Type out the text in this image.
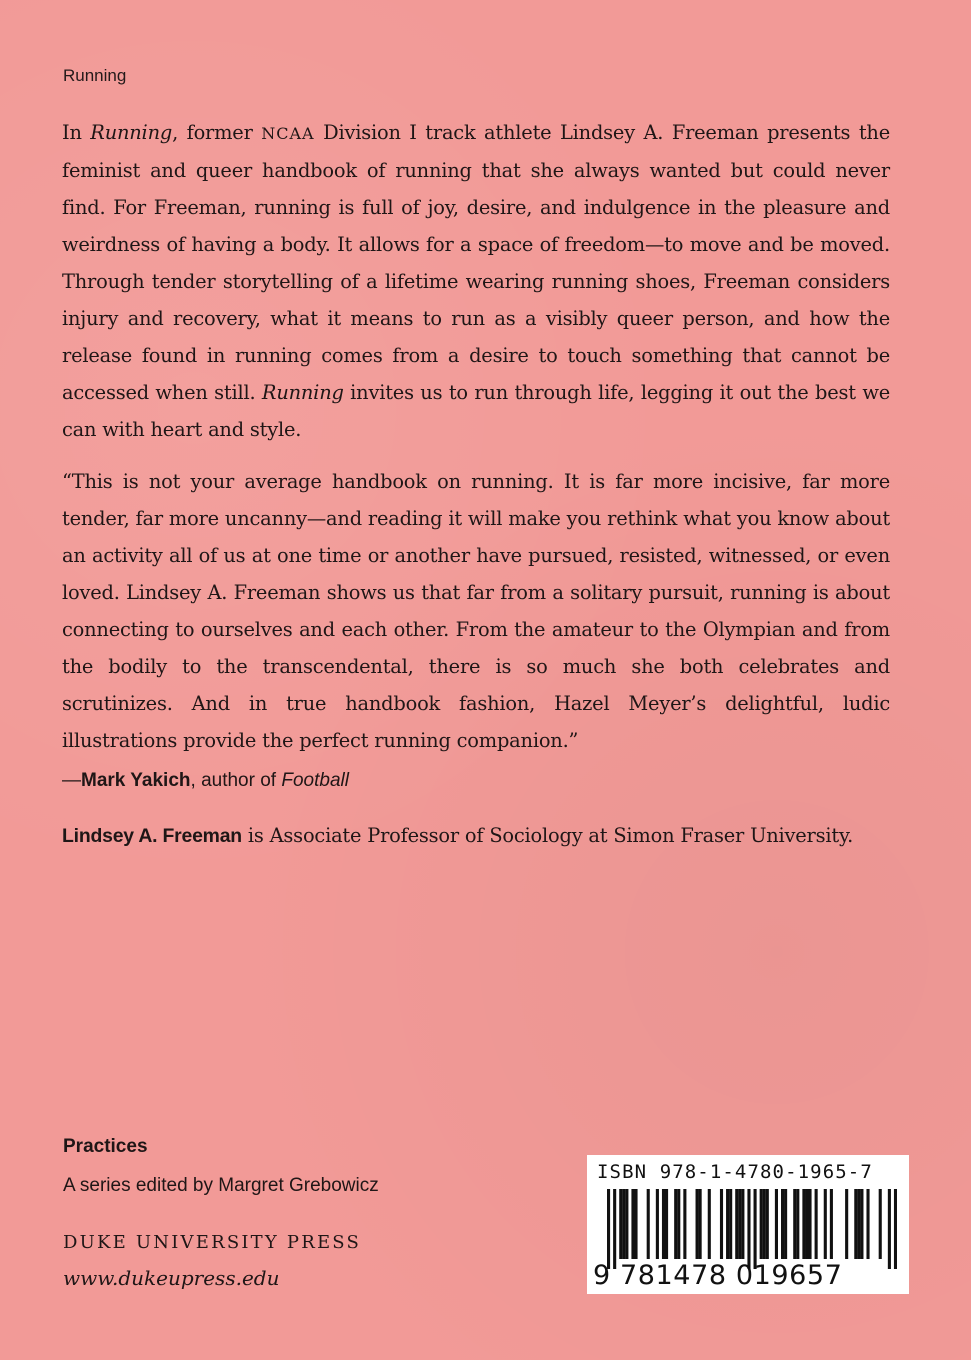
Running
In Running, former NCAA Division I track athlete Lindsey A. Freeman presents the feminist and queer handbook of running that she always wanted but could never find. For Freeman, running is full of joy, desire, and indulgence in the pleasure and weirdness of having a body. It allows for a space of freedom—to move and be moved. Through tender storytelling of a lifetime wearing running shoes, Freeman considers injury and recovery, what it means to run as a visibly queer person, and how the release found in running comes from a desire to touch something that cannot be accessed when still. Running invites us to run through life, legging it out the best we can with heart and style.
“This is not your average handbook on running. It is far more incisive, far more tender, far more uncanny—and reading it will make you rethink what you know about an activity all of us at one time or another have pursued, resisted, witnessed, or even loved. Lindsey A. Freeman shows us that far from a solitary pursuit, running is about connecting to ourselves and each other. From the amateur to the Olympian and from the bodily to the transcendental, there is so much she both celebrates and scrutinizes. And in true handbook fashion, Hazel Meyer’s delightful, ludic illustrations provide the perfect running companion.”
—Mark Yakich, author of Football
Lindsey A. Freeman is Associate Professor of Sociology at Simon Fraser University.
Practices
A series edited by Margret Grebowicz
DUKE UNIVERSITY PRESS
www.dukeupress.edu
ISBN 978-1-4780-1965-7
9 781478 019657
